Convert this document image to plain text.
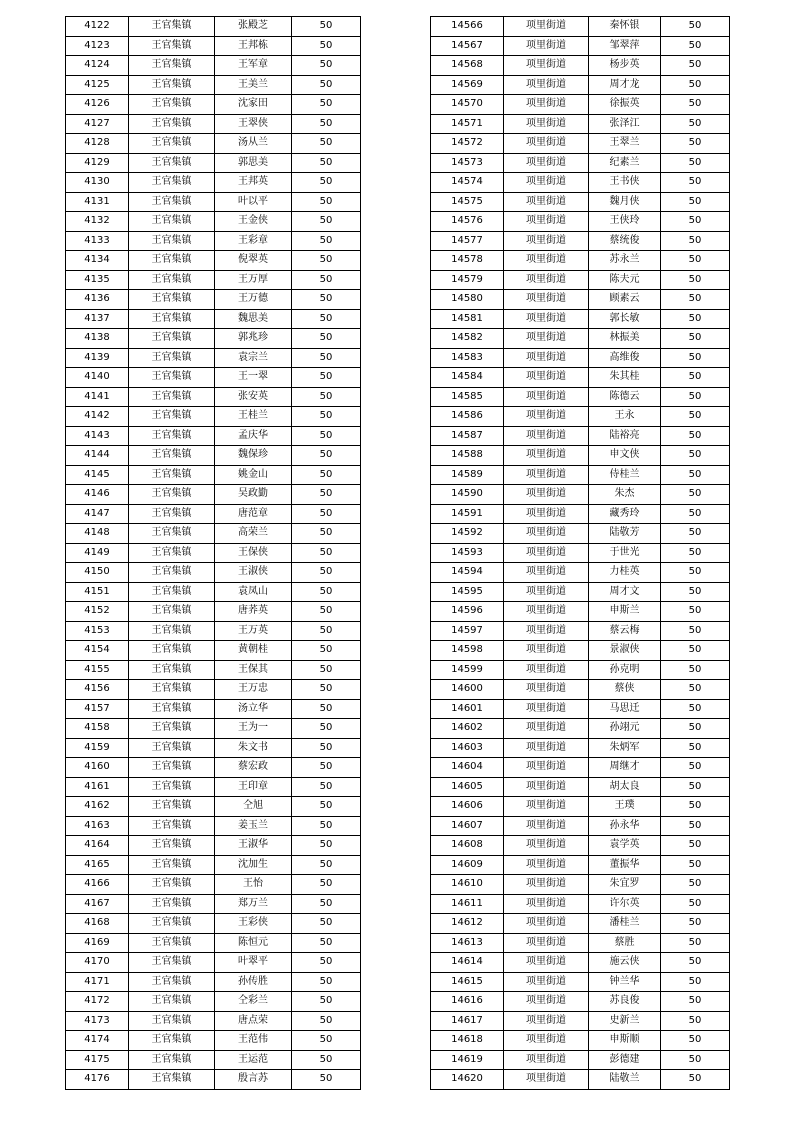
4122	王官集镇	张殿芝	50
4123	王官集镇	王邦栋	50
4124	王官集镇	王军章	50
4125	王官集镇	王美兰	50
4126	王官集镇	沈家田	50
4127	王官集镇	王翠侠	50
4128	王官集镇	汤从兰	50
4129	王官集镇	郭思美	50
4130	王官集镇	王邦英	50
4131	王官集镇	叶以平	50
4132	王官集镇	王金侠	50
4133	王官集镇	王彩章	50
4134	王官集镇	倪翠英	50
4135	王官集镇	王万厚	50
4136	王官集镇	王万德	50
4137	王官集镇	魏思美	50
4138	王官集镇	郭兆珍	50
4139	王官集镇	袁宗兰	50
4140	王官集镇	王一翠	50
4141	王官集镇	张安英	50
4142	王官集镇	王桂兰	50
4143	王官集镇	孟庆华	50
4144	王官集镇	魏保珍	50
4145	王官集镇	姚金山	50
4146	王官集镇	吴政勤	50
4147	王官集镇	唐范章	50
4148	王官集镇	高荣兰	50
4149	王官集镇	王保侠	50
4150	王官集镇	王淑侠	50
4151	王官集镇	袁凤山	50
4152	王官集镇	唐荞英	50
4153	王官集镇	王万英	50
4154	王官集镇	黄朝桂	50
4155	王官集镇	王保其	50
4156	王官集镇	王万忠	50
4157	王官集镇	汤立华	50
4158	王官集镇	王为一	50
4159	王官集镇	朱文书	50
4160	王官集镇	蔡宏政	50
4161	王官集镇	王印章	50
4162	王官集镇	仝旭	50
4163	王官集镇	姜玉兰	50
4164	王官集镇	王淑华	50
4165	王官集镇	沈加生	50
4166	王官集镇	王怡	50
4167	王官集镇	郑万兰	50
4168	王官集镇	王彩侠	50
4169	王官集镇	陈恒元	50
4170	王官集镇	叶翠平	50
4171	王官集镇	孙传胜	50
4172	王官集镇	仝彩兰	50
4173	王官集镇	唐点荣	50
4174	王官集镇	王范伟	50
4175	王官集镇	王运范	50
4176	王官集镇	殷言苏	50
14566	项里街道	秦怀银	50
14567	项里街道	邹翠萍	50
14568	项里街道	杨步英	50
14569	项里街道	周才龙	50
14570	项里街道	徐振英	50
14571	项里街道	张泽江	50
14572	项里街道	王翠兰	50
14573	项里街道	纪素兰	50
14574	项里街道	王书侠	50
14575	项里街道	魏月侠	50
14576	项里街道	王侠玲	50
14577	项里街道	蔡统俊	50
14578	项里街道	苏永兰	50
14579	项里街道	陈夫元	50
14580	项里街道	顾素云	50
14581	项里街道	郭长敏	50
14582	项里街道	林振美	50
14583	项里街道	高维俊	50
14584	项里街道	朱其桂	50
14585	项里街道	陈德云	50
14586	项里街道	王永	50
14587	项里街道	陆裕亮	50
14588	项里街道	申文侠	50
14589	项里街道	侍桂兰	50
14590	项里街道	朱杰	50
14591	项里街道	藏秀玲	50
14592	项里街道	陆敬芳	50
14593	项里街道	于世光	50
14594	项里街道	力桂英	50
14595	项里街道	周才文	50
14596	项里街道	申斯兰	50
14597	项里街道	蔡云梅	50
14598	项里街道	景淑侠	50
14599	项里街道	孙克明	50
14600	项里街道	蔡侠	50
14601	项里街道	马思迁	50
14602	项里街道	孙翊元	50
14603	项里街道	朱炳军	50
14604	项里街道	周继才	50
14605	项里街道	胡太良	50
14606	项里街道	王璞	50
14607	项里街道	孙永华	50
14608	项里街道	袁学英	50
14609	项里街道	董振华	50
14610	项里街道	朱宜罗	50
14611	项里街道	许尔英	50
14612	项里街道	潘桂兰	50
14613	项里街道	蔡胜	50
14614	项里街道	施云侠	50
14615	项里街道	钟兰华	50
14616	项里街道	苏良俊	50
14617	项里街道	史新兰	50
14618	项里街道	申斯顺	50
14619	项里街道	彭德建	50
14620	项里街道	陆敬兰	50
